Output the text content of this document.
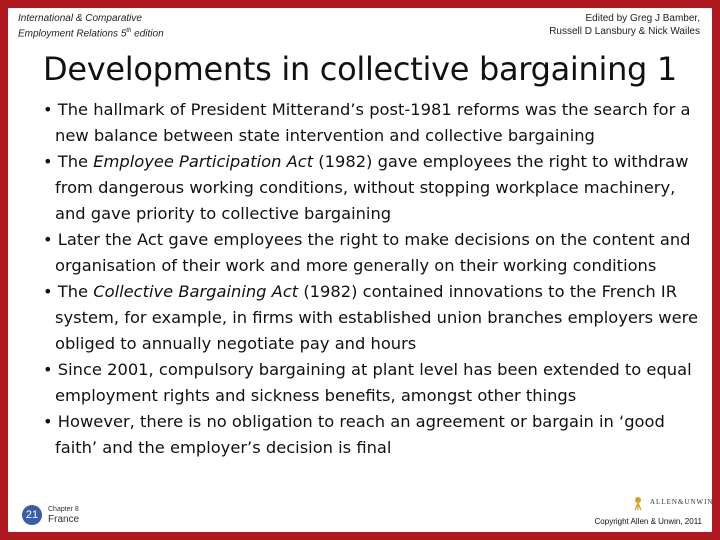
International & Comparative
Employment Relations 5th edition
Edited by Greg J Bamber,
Russell D Lansbury & Nick Wailes
Developments in collective bargaining 1
• The hallmark of President Mitterand’s post-1981 reforms was the search for a new balance between state intervention and collective bargaining
• The Employee Participation Act (1982) gave employees the right to withdraw from dangerous working conditions, without stopping workplace machinery, and gave priority to collective bargaining
• Later the Act gave employees the right to make decisions on the content and organisation of their work and more generally on their working conditions
• The Collective Bargaining Act (1982) contained innovations to the French IR system, for example, in firms with established union branches employers were obliged to annually negotiate pay and hours
• Since 2001, compulsory bargaining at plant level has been extended to equal employment rights and sickness benefits, amongst other things
• However, there is no obligation to reach an agreement or bargain in ‘good faith’ and the employer’s decision is final
21	Chapter 8
France
ALLEN&UNWIN
Copyright Allen & Unwin, 2011
